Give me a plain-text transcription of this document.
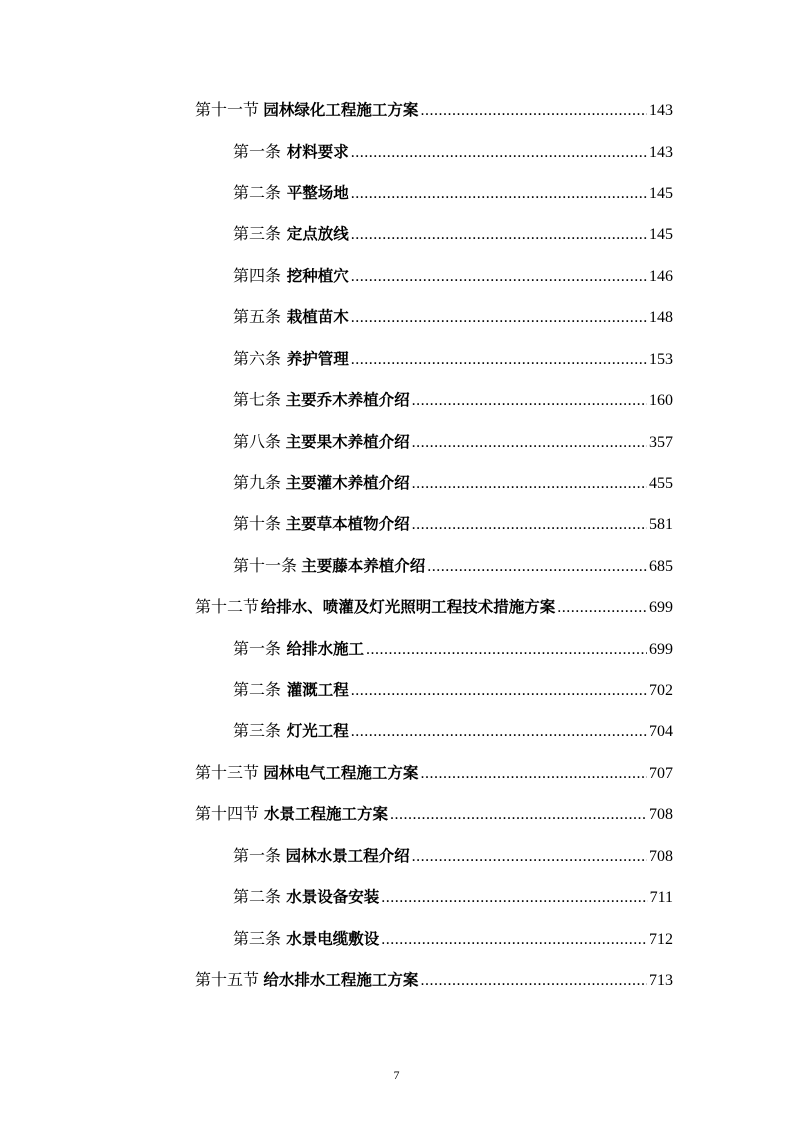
第十一节 园林绿化工程施工方案 .....	143
第一条 材料要求 .....	143
第二条 平整场地 .....	145
第三条 定点放线 .....	145
第四条 挖种植穴 .....	146
第五条 栽植苗木 .....	148
第六条 养护管理 .....	153
第七条 主要乔木养植介绍 .....	160
第八条 主要果木养植介绍 .....	357
第九条 主要灌木养植介绍 .....	455
第十条 主要草本植物介绍 .....	581
第十一条 主要藤本养植介绍 .....	685
第十二节 给排水、喷灌及灯光照明工程技术措施方案 .....	699
第一条 给排水施工 .....	699
第二条 灌溉工程 .....	702
第三条 灯光工程 .....	704
第十三节 园林电气工程施工方案 .....	707
第十四节 水景工程施工方案 .....	708
第一条 园林水景工程介绍 .....	708
第二条 水景设备安装 .....	711
第三条 水景电缆敷设 .....	712
第十五节 给水排水工程施工方案 .....	713
7
